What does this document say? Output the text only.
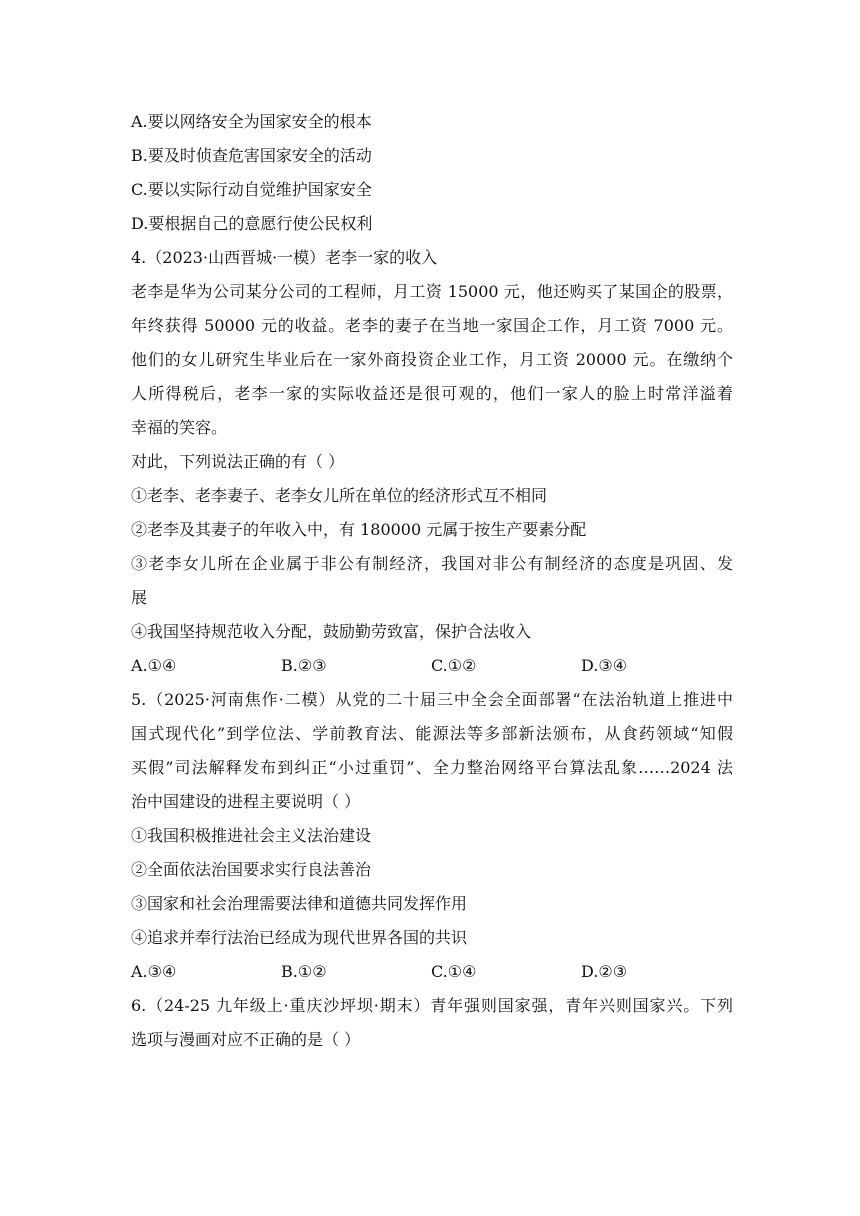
A.要以网络安全为国家安全的根本
B.要及时侦查危害国家安全的活动
C.要以实际行动自觉维护国家安全
D.要根据自己的意愿行使公民权利
4.（2023·山西晋城·一模）老李一家的收入
老李是华为公司某分公司的工程师，月工资 15000 元，他还购买了某国企的股票，
年终获得 50000 元的收益。老李的妻子在当地一家国企工作，月工资 7000 元。
他们的女儿研究生毕业后在一家外商投资企业工作，月工资 20000 元。在缴纳个
人所得税后，老李一家的实际收益还是很可观的，他们一家人的脸上时常洋溢着
幸福的笑容。
对此，下列说法正确的有（ ）
①老李、老李妻子、老李女儿所在单位的经济形式互不相同
②老李及其妻子的年收入中，有 180000 元属于按生产要素分配
③老李女儿所在企业属于非公有制经济，我国对非公有制经济的态度是巩固、发
展
④我国坚持规范收入分配，鼓励勤劳致富，保护合法收入
A.①④	B.②③	C.①②	D.③④
5.（2025·河南焦作·二模）从党的二十届三中全会全面部署“在法治轨道上推进中
国式现代化”到学位法、学前教育法、能源法等多部新法颁布，从食药领域“知假
买假”司法解释发布到纠正“小过重罚”、全力整治网络平台算法乱象……2024 法
治中国建设的进程主要说明（ ）
①我国积极推进社会主义法治建设
②全面依法治国要求实行良法善治
③国家和社会治理需要法律和道德共同发挥作用
④追求并奉行法治已经成为现代世界各国的共识
A.③④	B.①②	C.①④	D.②③
6.（24-25 九年级上·重庆沙坪坝·期末）青年强则国家强，青年兴则国家兴。下列
选项与漫画对应不正确的是（ ）
